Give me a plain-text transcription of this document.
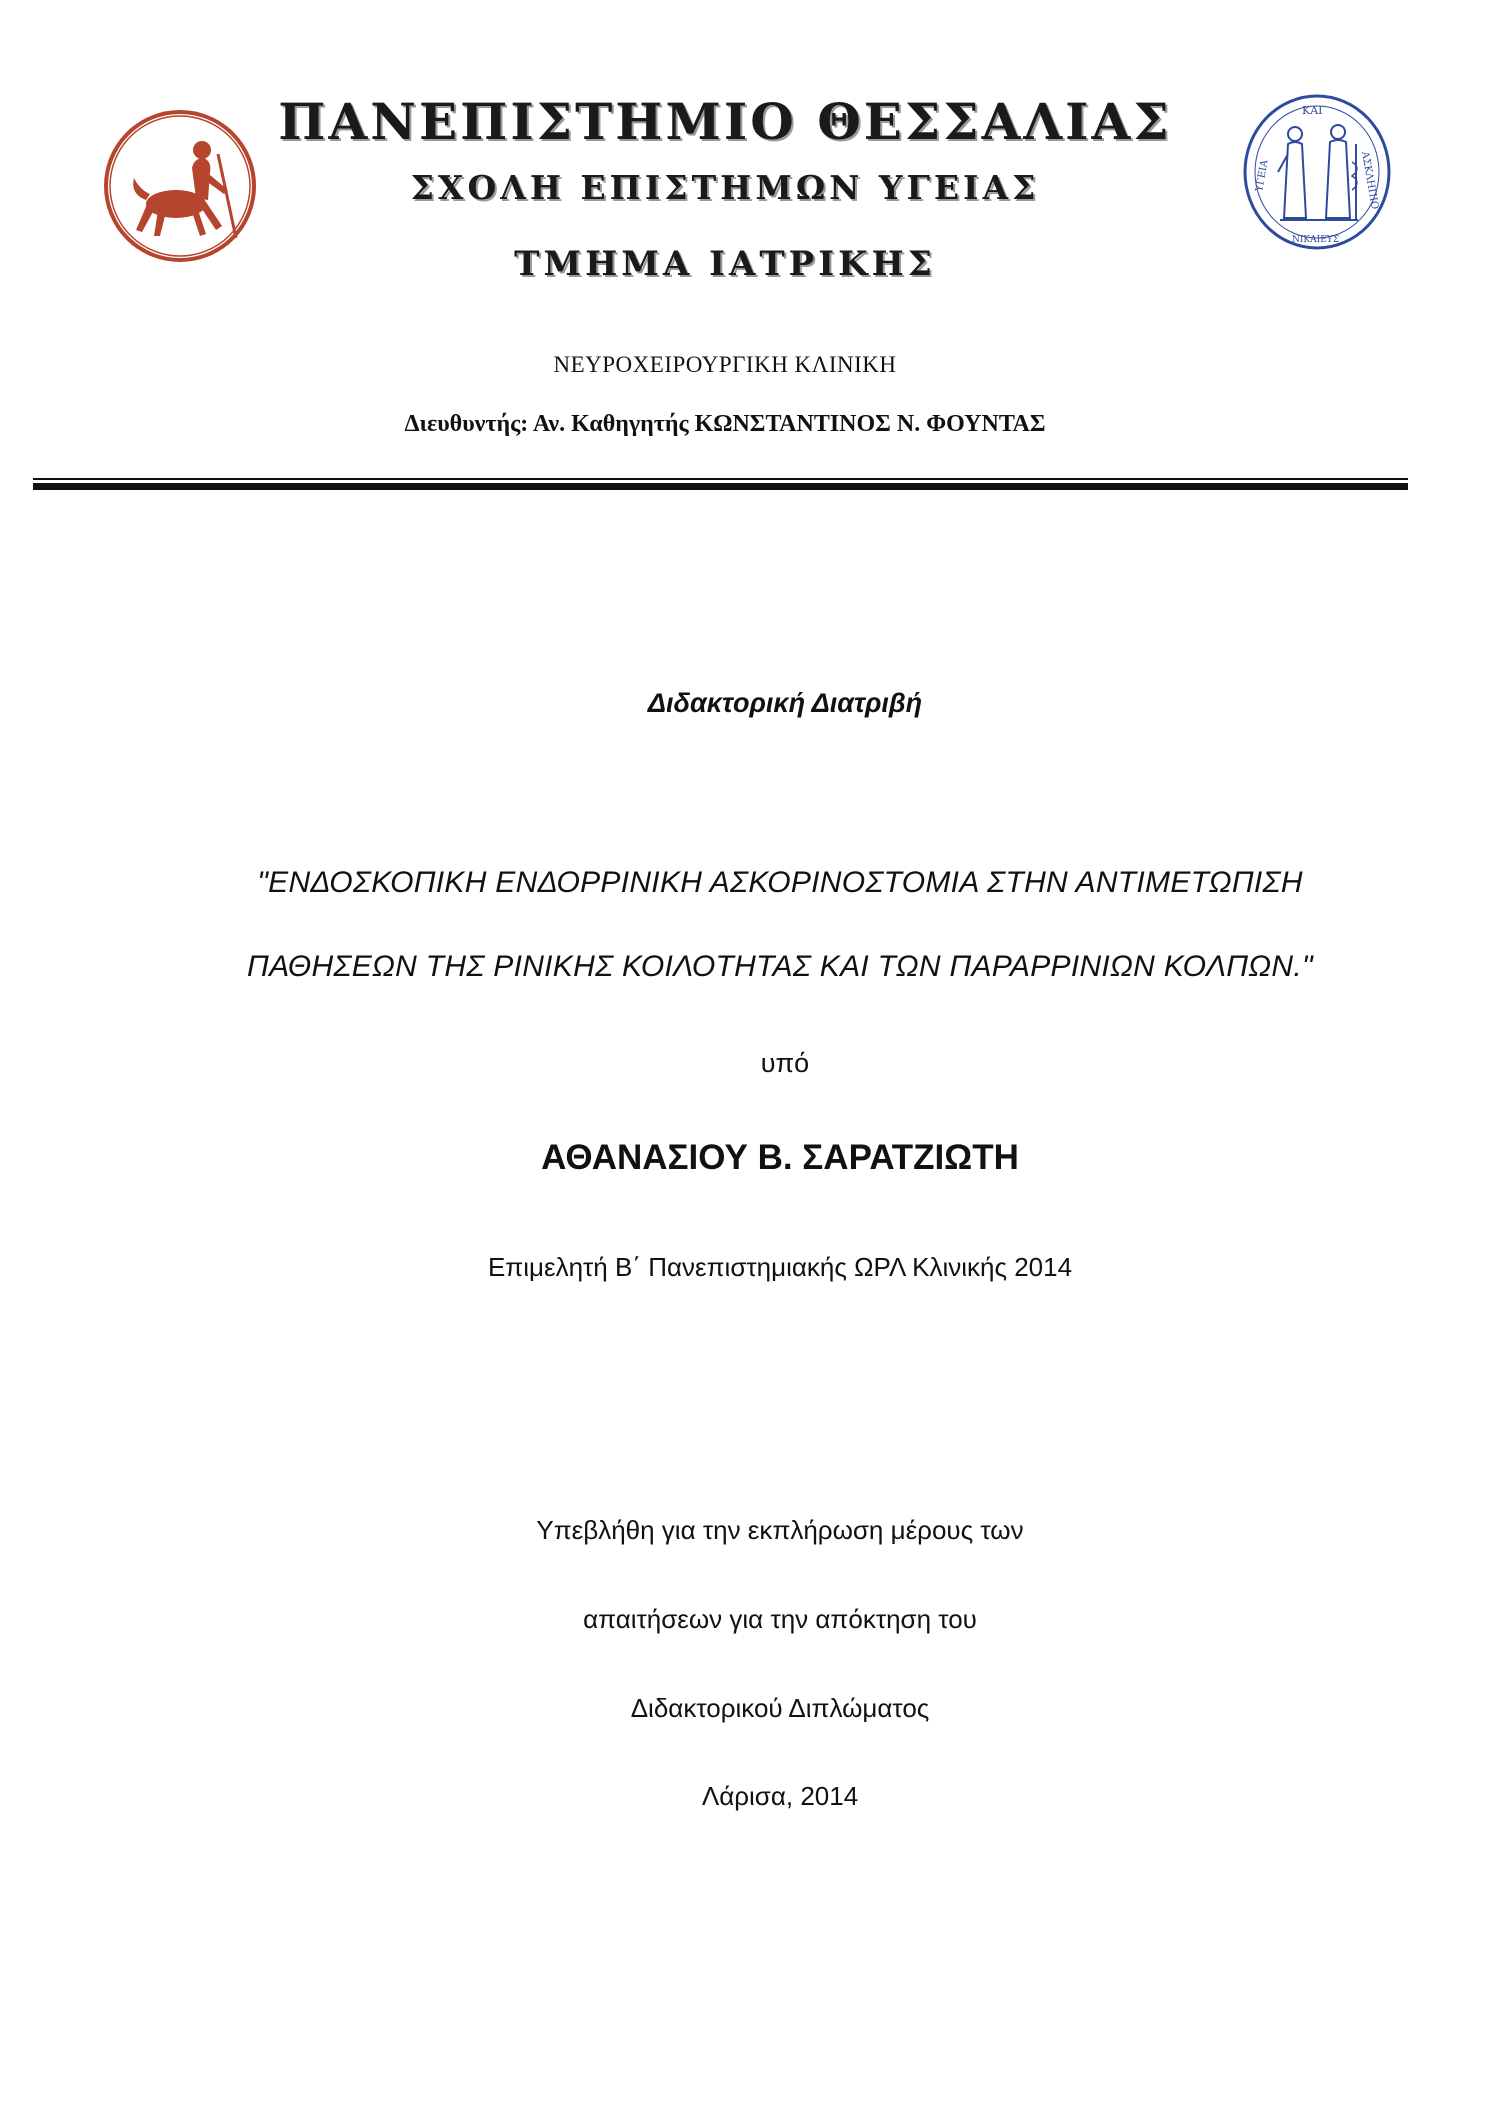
ΚΑΙ
ΑΣΚΛΗΠΙΟ
ΥΓΕΙΑ
ΝΙΚΑΙΕΥΣ
ΠΑΝΕΠΙΣΤΗΜΙΟ ΘΕΣΣΑΛΙΑΣ
ΣΧΟΛΗ ΕΠΙΣΤΗΜΩΝ ΥΓΕΙΑΣ
ΤΜΗΜΑ ΙΑΤΡΙΚΗΣ
ΝΕΥΡΟΧΕΙΡΟΥΡΓΙΚΗ ΚΛΙΝΙΚΗ
Διευθυντής: Αν. Καθηγητής ΚΩΝΣΤΑΝΤΙΝΟΣ Ν. ΦΟΥΝΤΑΣ
Διδακτορική Διατριβή
"ΕΝΔΟΣΚΟΠΙΚΗ ΕΝΔΟΡΡΙΝΙΚΗ ΑΣΚΟΡΙΝΟΣΤΟΜΙΑ ΣΤΗΝ ΑΝΤΙΜΕΤΩΠΙΣΗ
ΠΑΘΗΣΕΩΝ ΤΗΣ ΡΙΝΙΚΗΣ ΚΟΙΛΟΤΗΤΑΣ ΚΑΙ ΤΩΝ ΠΑΡΑΡΡΙΝΙΩΝ ΚΟΛΠΩΝ."
υπό
ΑΘΑΝΑΣΙΟΥ Β. ΣΑΡΑΤΖΙΩΤΗ
Επιμελητή Β΄ Πανεπιστημιακής ΩΡΛ Κλινικής 2014
Υπεβλήθη για την εκπλήρωση μέρους των
απαιτήσεων για την απόκτηση του
Διδακτορικού Διπλώματος
Λάρισα, 2014
